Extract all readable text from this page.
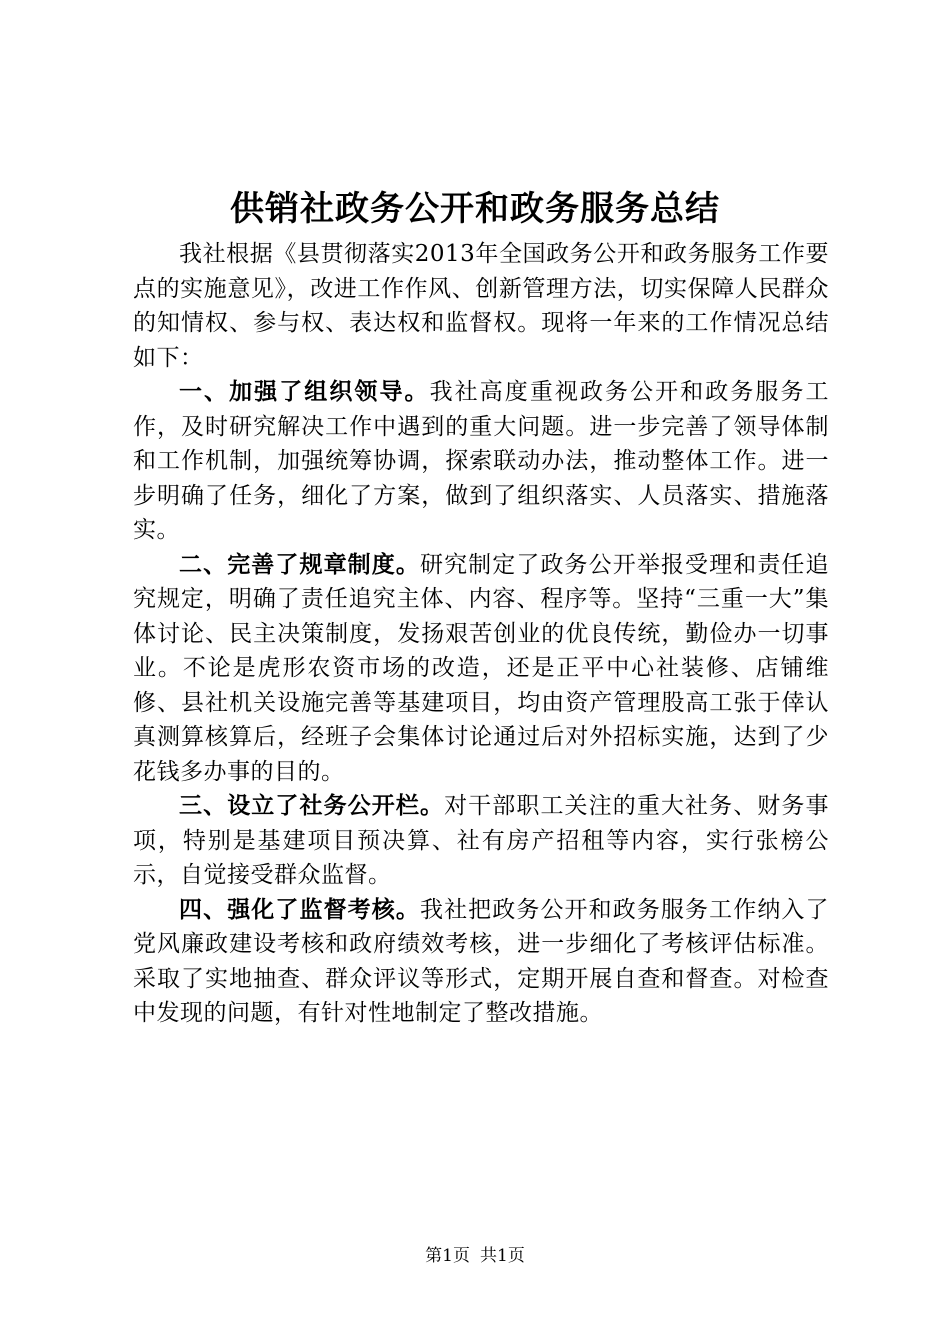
供销社政务公开和政务服务总结

我社根据《县贯彻落实2013年全国政务公开和政务服务工作要点的实施意见》，改进工作作风、创新管理方法，切实保障人民群众的知情权、参与权、表达权和监督权。现将一年来的工作情况总结如下：

一、加强了组织领导。我社高度重视政务公开和政务服务工作，及时研究解决工作中遇到的重大问题。进一步完善了领导体制和工作机制，加强统筹协调，探索联动办法，推动整体工作。进一步明确了任务，细化了方案，做到了组织落实、人员落实、措施落实。

二、完善了规章制度。研究制定了政务公开举报受理和责任追究规定，明确了责任追究主体、内容、程序等。坚持“三重一大”集体讨论、民主决策制度，发扬艰苦创业的优良传统，勤俭办一切事业。不论是虎形农资市场的改造，还是正平中心社装修、店铺维修、县社机关设施完善等基建项目，均由资产管理股高工张于倖认真测算核算后，经班子会集体讨论通过后对外招标实施，达到了少花钱多办事的目的。

三、设立了社务公开栏。对干部职工关注的重大社务、财务事项，特别是基建项目预决算、社有房产招租等内容，实行张榜公示，自觉接受群众监督。

四、强化了监督考核。我社把政务公开和政务服务工作纳入了党风廉政建设考核和政府绩效考核，进一步细化了考核评估标准。采取了实地抽查、群众评议等形式，定期开展自查和督查。对检查中发现的问题，有针对性地制定了整改措施。

第1页 共1页
